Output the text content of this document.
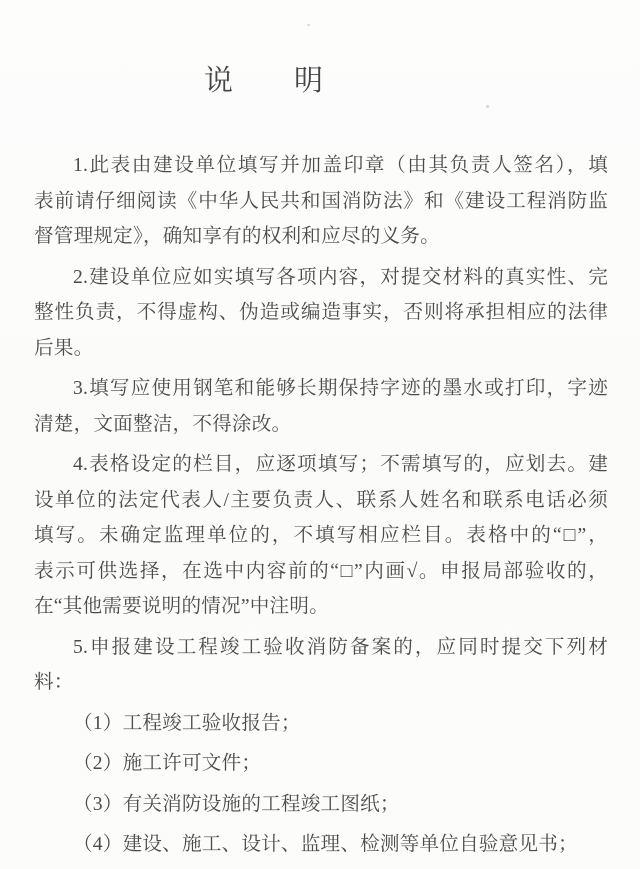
说　　明
1.此表由建设单位填写并加盖印章（由其负责人签名），填
表前请仔细阅读《中华人民共和国消防法》和《建设工程消防监
督管理规定》，确知享有的权利和应尽的义务。
2.建设单位应如实填写各项内容，对提交材料的真实性、完
整性负责，不得虚构、伪造或编造事实，否则将承担相应的法律
后果。
3.填写应使用钢笔和能够长期保持字迹的墨水或打印，字迹
清楚，文面整洁，不得涂改。
4.表格设定的栏目，应逐项填写；不需填写的，应划去。建
设单位的法定代表人/主要负责人、联系人姓名和联系电话必须
填写。未确定监理单位的，不填写相应栏目。表格中的“□”，
表示可供选择，在选中内容前的“□”内画√。申报局部验收的，
在“其他需要说明的情况”中注明。
5.申报建设工程竣工验收消防备案的，应同时提交下列材
料：
（1）工程竣工验收报告；
（2）施工许可文件；
（3）有关消防设施的工程竣工图纸；
（4）建设、施工、设计、监理、检测等单位自验意见书；
